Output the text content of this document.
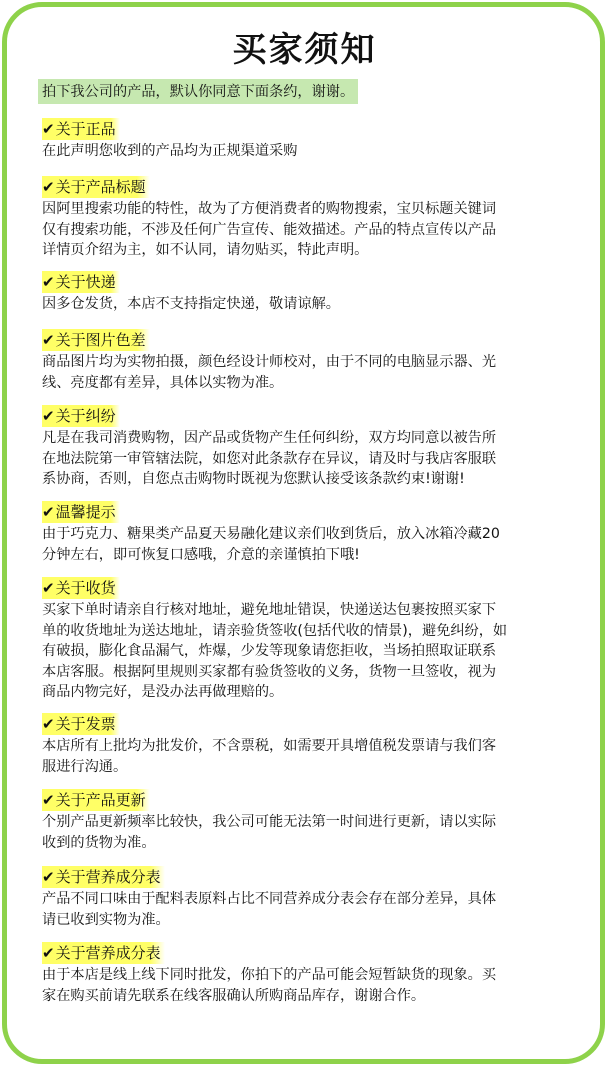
买家须知
拍下我公司的产品，默认你同意下面条约，谢谢。
✔关于正品
在此声明您收到的产品均为正规渠道采购
✔关于产品标题
因阿里搜索功能的特性，故为了方便消费者的购物搜索，宝贝标题关键词
仅有搜索功能，不涉及任何广告宣传、能效描述。产品的特点宣传以产品
详情页介绍为主，如不认同，请勿贴买，特此声明。
✔关于快递
因多仓发货，本店不支持指定快递，敬请谅解。
✔关于图片色差
商品图片均为实物拍摄，颜色经设计师校对，由于不同的电脑显示器、光
线、亮度都有差异，具体以实物为准。
✔关于纠纷
凡是在我司消费购物，因产品或货物产生任何纠纷，双方均同意以被告所
在地法院第一审管辖法院，如您对此条款存在异议，请及时与我店客服联
系协商，否则，自您点击购物时既视为您默认接受该条款约束!谢谢!
✔温馨提示
由于巧克力、糖果类产品夏天易融化建议亲们收到货后，放入冰箱冷藏20
分钟左右，即可恢复口感哦，介意的亲谨慎拍下哦!
✔关于收货
买家下单时请亲自行核对地址，避免地址错误，快递送达包裹按照买家下
单的收货地址为送达地址，请亲验货签收(包括代收的情景)，避免纠纷，如
有破损，膨化食品漏气，炸爆，少发等现象请您拒收，当场拍照取证联系
本店客服。根据阿里规则买家都有验货签收的义务，货物一旦签收，视为
商品内物完好，是没办法再做理赔的。
✔关于发票
本店所有上批均为批发价，不含票税，如需要开具增值税发票请与我们客
服进行沟通。
✔关于产品更新
个别产品更新频率比较快，我公司可能无法第一时间进行更新，请以实际
收到的货物为准。
✔关于营养成分表
产品不同口味由于配料表原料占比不同营养成分表会存在部分差异，具体
请已收到实物为准。
✔关于营养成分表
由于本店是线上线下同时批发，你拍下的产品可能会短暂缺货的现象。买
家在购买前请先联系在线客服确认所购商品库存，谢谢合作。
